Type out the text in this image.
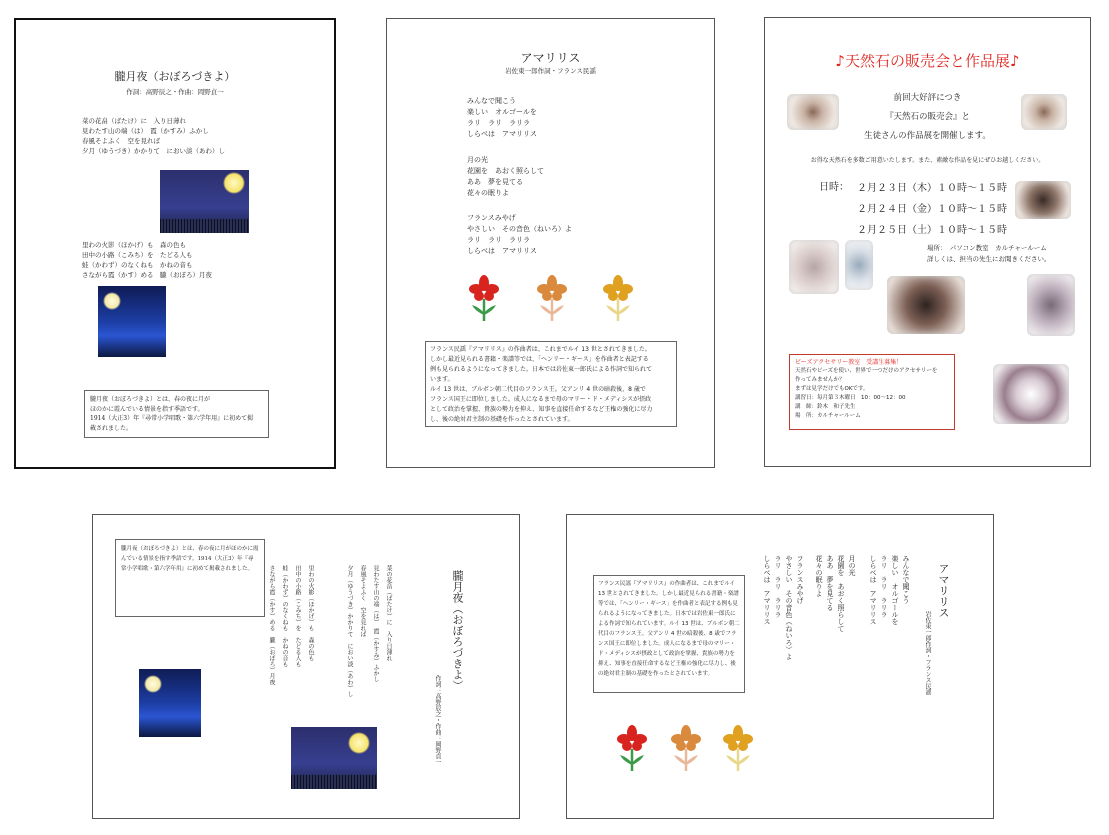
朧月夜（おぼろづきよ）
作詞：高野辰之・作曲：岡野貞一
菜の花畠（ばたけ）に　入り日薄れ
見わたす山の端（は）　霞（かすみ）ふかし
春風そよふく　空を見れば
夕月（ゆうづき）かかりて　におい淡（あわ）し
里わの火影（ほかげ）も　森の色も
田中の小路（こみち）を　たどる人も
蛙（かわず）のなくねも　かねの音も
さながら霞（かす）める　朧（おぼろ）月夜
朧月夜（おぼろづきよ）とは、春の夜に月が
ほのかに霞んでいる情景を指す季語です。
1914（大正3）年『尋常小学唱歌・第六学年用』に初めて掲
載されました。
アマリリス
岩佐東一郎作詞・フランス民謡
みんなで聞こう
楽しい　オルゴールを
ラリ　ラリ　ラリラ
しらべは　アマリリス
月の光
花園を　あおく照らして
ああ　夢を見てる
花々の眠りよ
フランスみやげ
やさしい　その音色（ねいろ）よ
ラリ　ラリ　ラリラ
しらべは　アマリリス
フランス民謡『アマリリス』の作曲者は、これまでルイ 13 世とされてきました。
しかし最近見られる書籍・楽譜等では、「ヘンリー・ギース」を作曲者と表記する
例も見られるようになってきました。日本では岩佐東一郎氏による作詞で知られて
います。
ルイ 13 世は、ブルボン朝二代目のフランス王。父アンリ 4 世の暗殺後、8 歳で
フランス国王に即位しました。成人になるまで母のマリー・ド・メディシスが摂政
として政治を掌握、貴族の勢力を抑え、知事を直接任命するなど王権の強化に尽力
し、後の絶対君主制の基礎を作ったとされています。
♪天然石の販売会と作品展♪
前回大好評につき
『天然石の販売会』と
生徒さんの作品展を開催します。
お得な天然石を多数ご用意いたします。また、素敵な作品を見にぜひお越しください。
日時： ２月２３日（木）１０時～１５時
２月２４日（金）１０時～１５時
２月２５日（土）１０時～１５時
場所：　パソコン教室　カルチャールーム
詳しくは、担当の先生にお聞きください。
ビーズアクセサリー教室　受講生募集！
天然石やビーズを使い、世界で一つだけのアクセサリーを
作ってみませんか？
まずは見学だけでもOKです。
講習日：毎月第３木曜日　10：00～12：00
講　師：鈴木　和子先生
場　所：カルチャールーム
朧月夜（おぼろづきよ）
作詞：高野辰之・作曲：岡野貞一
菜の花畠（ばたけ）に　入り日薄れ
見わたす山の端（は）　霞（かすみ）ふかし
春風そよふく　空を見れば
夕月（ゆうづき）かかりて　におい淡（あわ）し
里わの火影（ほかげ）も　森の色も
田中の小路（こみち）を　たどる人も
蛙（かわず）のなくねも　かねの音も
さながら霞（かす）める　朧（おぼろ）月夜
朧月夜（おぼろづきよ）とは、春の夜に月がほのかに霞んでいる情景を指す季語です。1914（大正3）年『尋常小学唱歌・第六学年用』に初めて掲載されました。	アマリリス
岩佐東一郎作詞・フランス民謡
みんなで聞こう
楽しい　オルゴールを
ラリ　ラリ　ラリラ
しらべは　アマリリス
月の光
花園を　あおく照らして
ああ　夢を見てる
花々の眠りよ
フランスみやげ
やさしい　その音色（ねいろ）よ
ラリ　ラリ　ラリラ
しらべは　アマリリス
フランス民謡『アマリリス』の作曲者は、これまでルイ 13 世とされてきました。しかし最近見られる書籍・楽譜等では、「ヘンリー・ギース」を作曲者と表記する例も見られるようになってきました。日本では岩佐東一郎氏による作詞で知られています。ルイ 13 世は、ブルボン朝二代目のフランス王。父アンリ 4 世の暗殺後、8 歳でフランス国王に即位しました。成人になるまで母のマリー・ド・メディシスが摂政として政治を掌握、貴族の勢力を抑え、知事を直接任命するなど王権の強化に尽力し、後の絶対君主制の基礎を作ったとされています。
